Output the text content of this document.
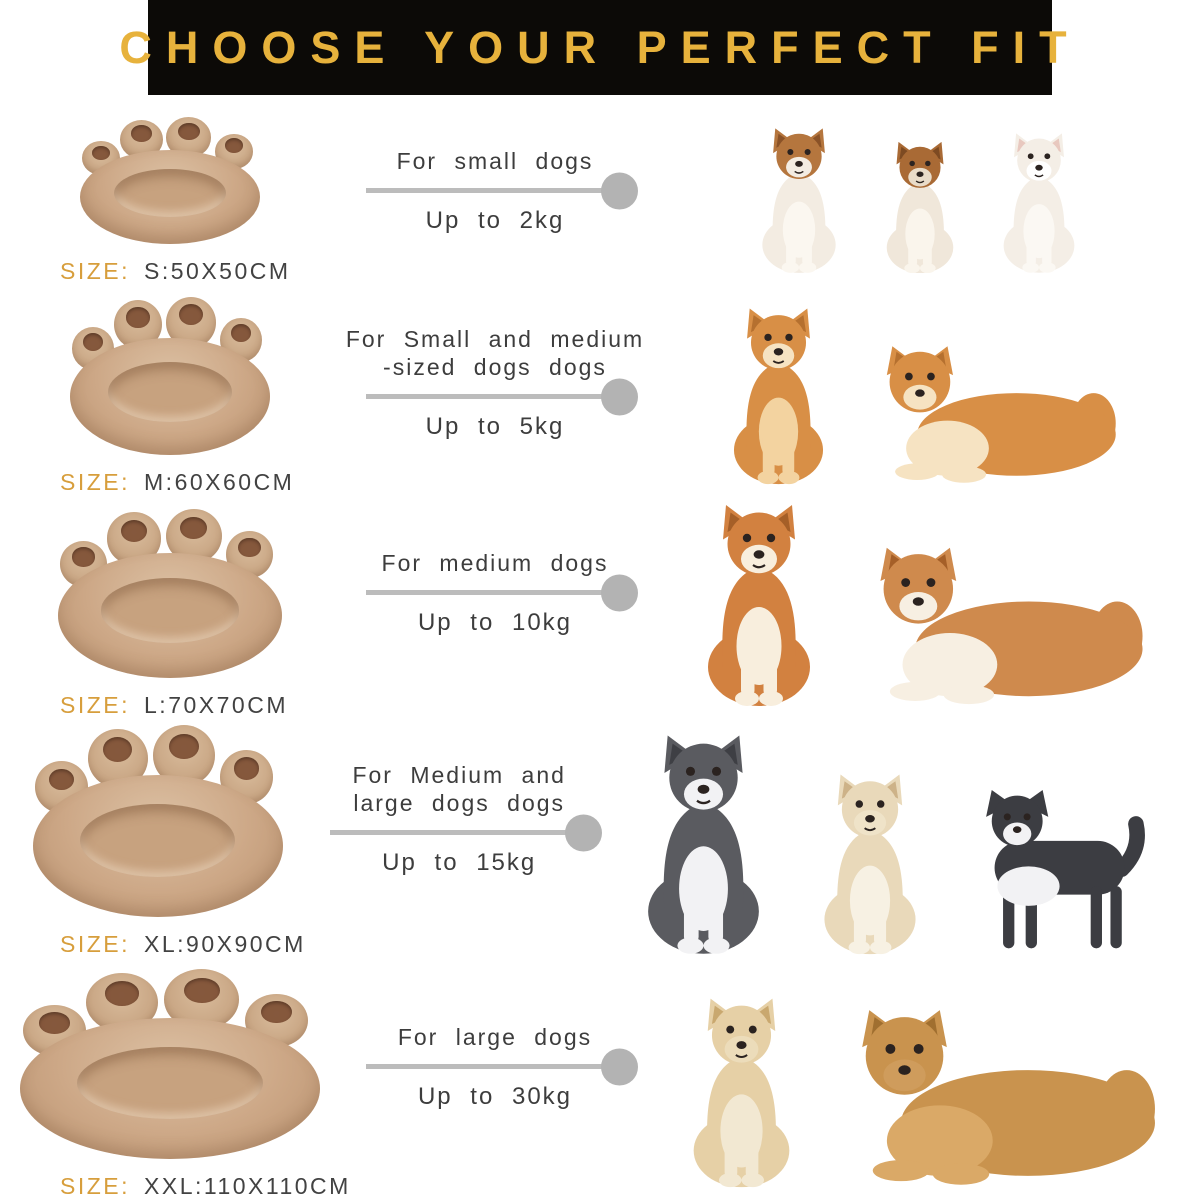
CHOOSE YOUR PERFECT FIT
SIZE: S:50X50CM
For small dogs
Up to 2kg
SIZE: M:60X60CM
For Small and medium
-sized dogs dogs
Up to 5kg
SIZE: L:70X70CM
For medium dogs
Up to 10kg
SIZE: XL:90X90CM
For Medium and
large dogs dogs
Up to 15kg
SIZE: XXL:110X110CM
For large dogs
Up to 30kg
